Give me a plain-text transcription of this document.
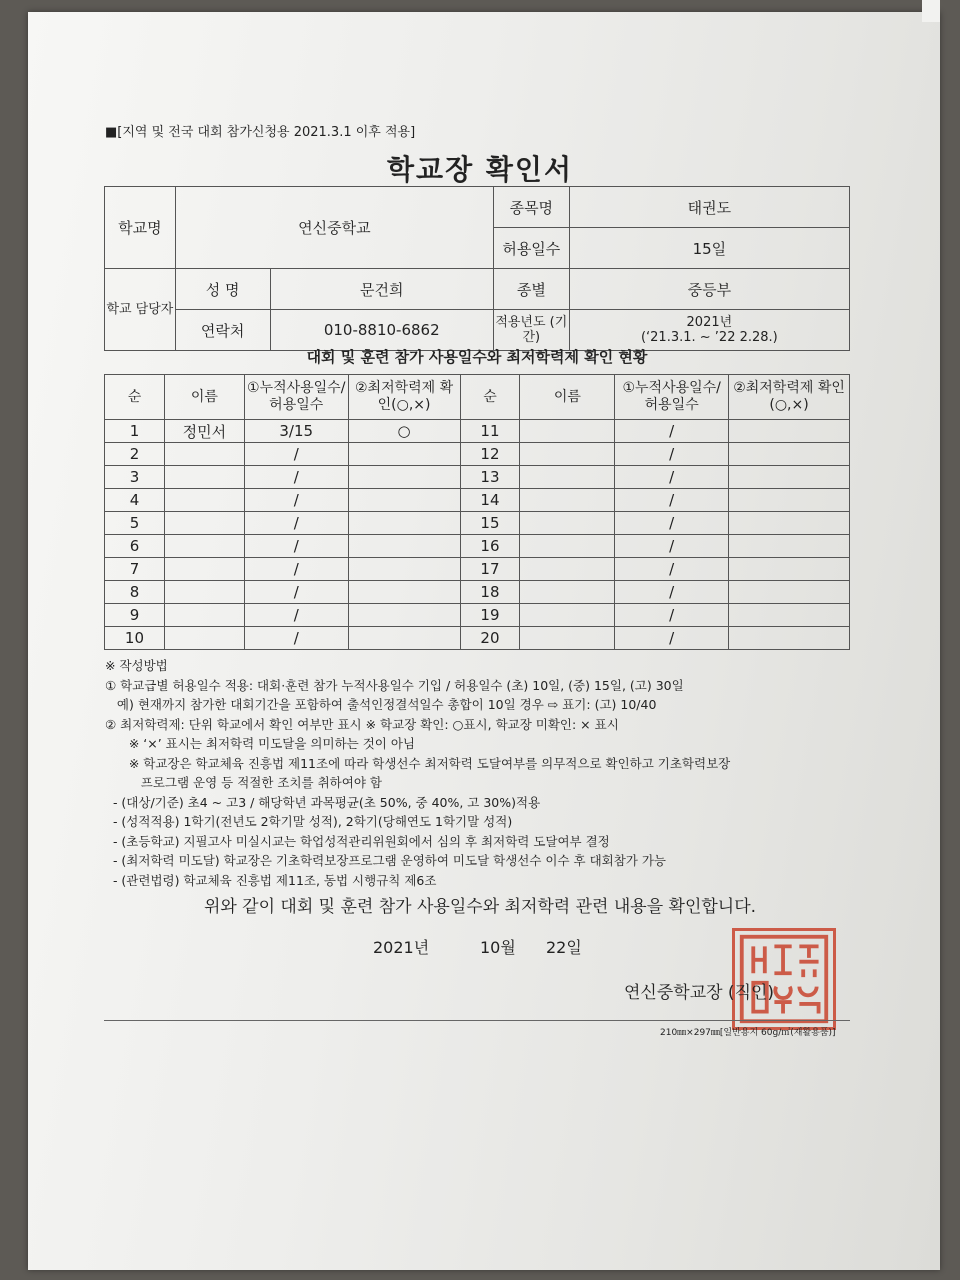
■[지역 및 전국 대회 참가신청용 2021.3.1 이후 적용]
학교장 확인서
학교명	연신중학교		종목명	태권도
			허용일수	15일
학교 담당자	성 명	문건희	종별	중등부
	연락처	010-8810-6862	적용년도 (기간)	2021년
(‘21.3.1. ~ ’22 2.28.)
대회 및 훈련 참가 사용일수와 최저학력제 확인 현황
순	이름	①누적사용일수/ 허용일수	②최저학력제 확인(○,×)	순	이름	①누적사용일수/ 허용일수	②최저학력제 확인(○,×)
1	정민서	3/15	○	11		/	
2		/		12		/	
3		/		13		/	
4		/		14		/	
5		/		15		/	
6		/		16		/	
7		/		17		/	
8		/		18		/	
9		/		19		/	
10		/		20		/	
※ 작성방법
① 학교급별 허용일수 적용: 대회·훈련 참가 누적사용일수 기입 / 허용일수 (초) 10일, (중) 15일, (고) 30일
예) 현재까지 참가한 대회기간을 포함하여 출석인정결석일수 총합이 10일 경우 ⇨ 표기: (고) 10/40
② 최저학력제: 단위 학교에서 확인 여부만 표시 ※ 학교장 확인: ○표시, 학교장 미확인: × 표시
※ ‘×’ 표시는 최저학력 미도달을 의미하는 것이 아님
※ 학교장은 학교체육 진흥법 제11조에 따라 학생선수 최저학력 도달여부를 의무적으로 확인하고 기초학력보장
프로그램 운영 등 적절한 조치를 취하여야 함
- (대상/기준) 초4 ~ 고3 / 해당학년 과목평균(초 50%, 중 40%, 고 30%)적용
- (성적적용) 1학기(전년도 2학기말 성적), 2학기(당해연도 1학기말 성적)
- (초등학교) 지필고사 미실시교는 학업성적관리위원회에서 심의 후 최저학력 도달여부 결정
- (최저학력 미도달) 학교장은 기초학력보장프로그램 운영하여 미도달 학생선수 이수 후 대회참가 가능
- (관련법령) 학교체육 진흥법 제11조, 동법 시행규칙 제6조
위와 같이 대회 및 훈련 참가 사용일수와 최저학력 관련 내용을 확인합니다.
2021년	10월 22일
연신중학교장 (직인)
210㎜×297㎜[일반용지 60g/㎡(재활용품)]
